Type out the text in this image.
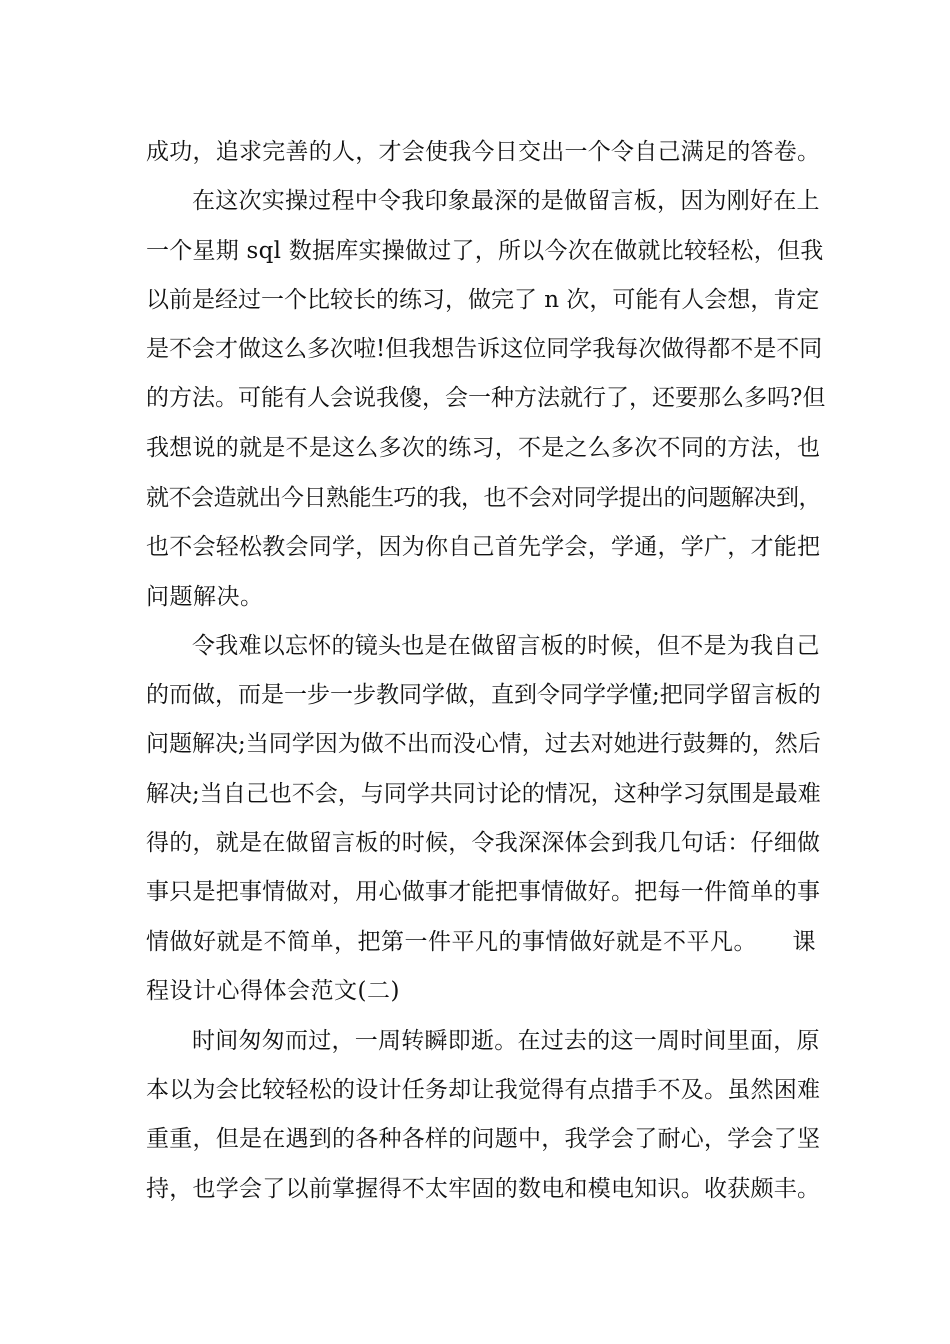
成功，追求完善的人，才会使我今日交出一个令自己满足的答卷。
在这次实操过程中令我印象最深的是做留言板，因为刚好在上
一个星期 sql 数据库实操做过了，所以今次在做就比较轻松，但我
以前是经过一个比较长的练习，做完了 n 次，可能有人会想，肯定
是不会才做这么多次啦!但我想告诉这位同学我每次做得都不是不同
的方法。可能有人会说我傻，会一种方法就行了，还要那么多吗?但
我想说的就是不是这么多次的练习，不是之么多次不同的方法，也
就不会造就出今日熟能生巧的我，也不会对同学提出的问题解决到，
也不会轻松教会同学，因为你自己首先学会，学通，学广，才能把
问题解决。
令我难以忘怀的镜头也是在做留言板的时候，但不是为我自己
的而做，而是一步一步教同学做，直到令同学学懂;把同学留言板的
问题解决;当同学因为做不出而没心情，过去对她进行鼓舞的，然后
解决;当自己也不会，与同学共同讨论的情况，这种学习氛围是最难
得的，就是在做留言板的时候，令我深深体会到我几句话：仔细做
事只是把事情做对，用心做事才能把事情做好。把每一件简单的事
情做好就是不简单，把第一件平凡的事情做好就是不平凡。　　课
程设计心得体会范文(二)
时间匆匆而过，一周转瞬即逝。在过去的这一周时间里面，原
本以为会比较轻松的设计任务却让我觉得有点措手不及。虽然困难
重重，但是在遇到的各种各样的问题中，我学会了耐心，学会了坚
持，也学会了以前掌握得不太牢固的数电和模电知识。收获颇丰。
